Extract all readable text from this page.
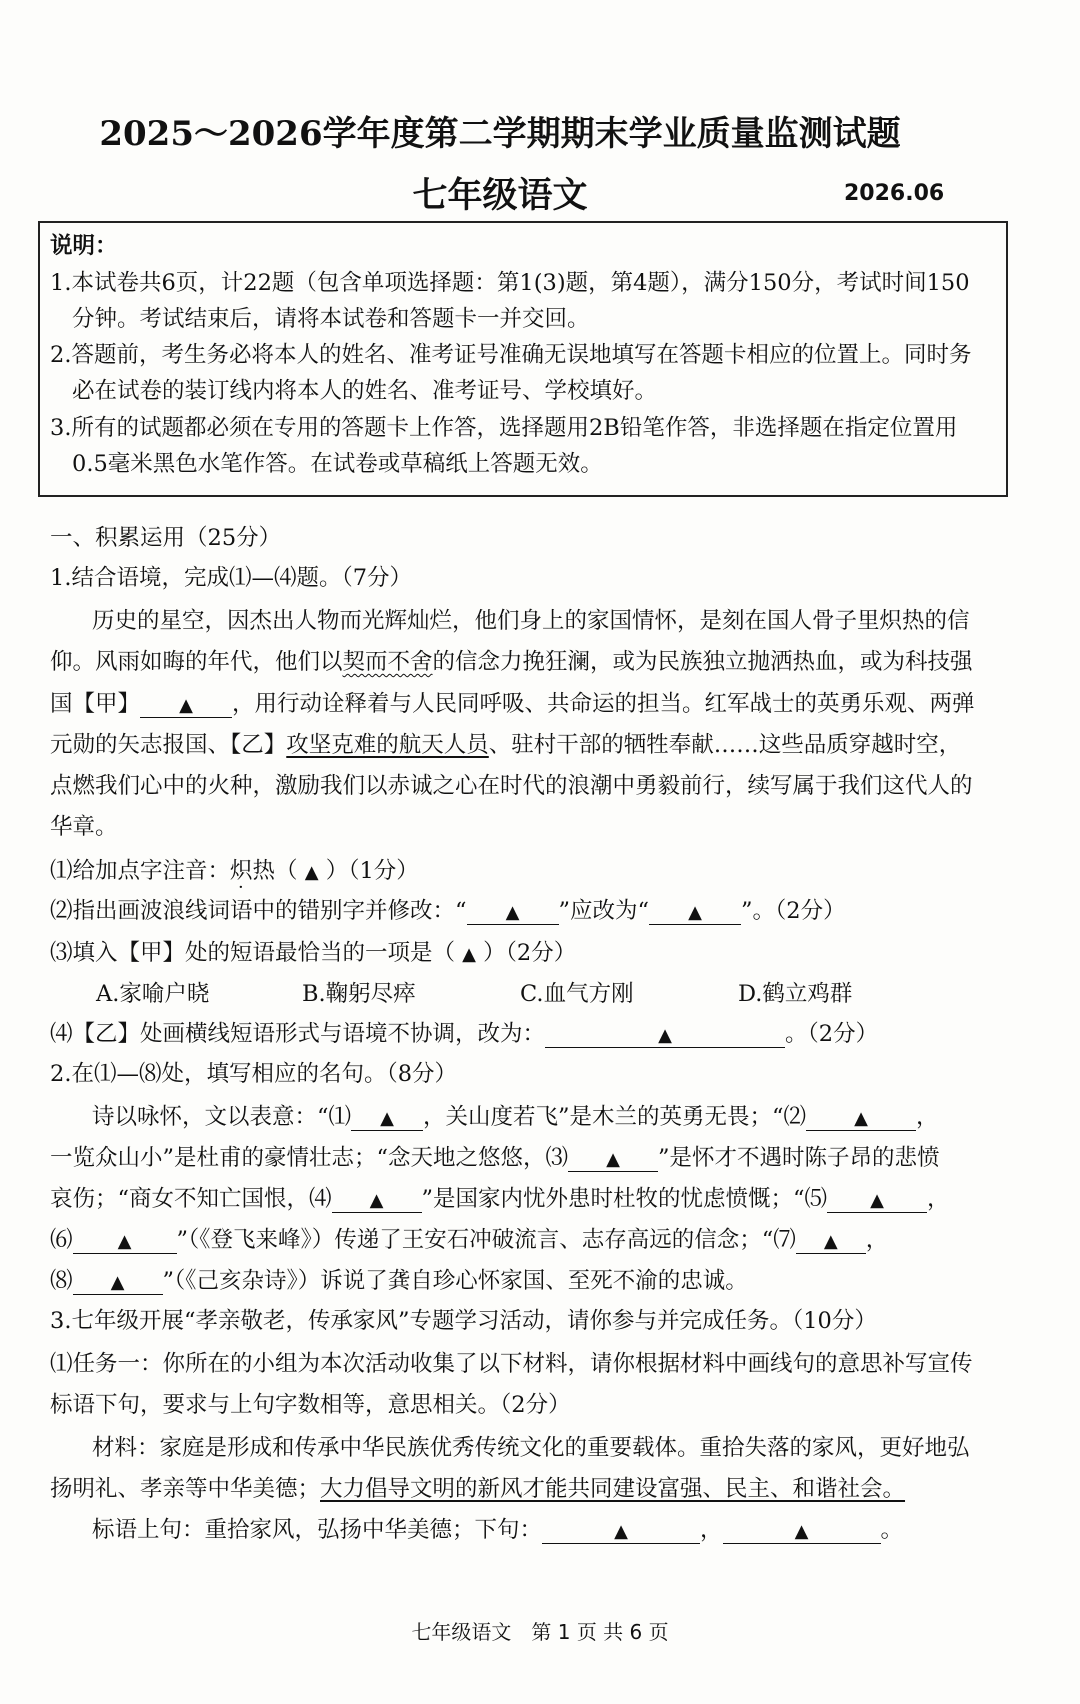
2025～2026学年度第二学期期末学业质量监测试题
七年级语文	2026.06
说明：
1.本试卷共6页，计22题（包含单项选择题：第1(3)题，第4题），满分150分，考试时间150
分钟。考试结束后，请将本试卷和答题卡一并交回。
2.答题前，考生务必将本人的姓名、准考证号准确无误地填写在答题卡相应的位置上。同时务
必在试卷的装订线内将本人的姓名、准考证号、学校填好。
3.所有的试题都必须在专用的答题卡上作答，选择题用2B铅笔作答，非选择题在指定位置用
0.5毫米黑色水笔作答。在试卷或草稿纸上答题无效。
一、积累运用（25分）
1.结合语境，完成⑴—⑷题。（7分）
历史的星空，因杰出人物而光辉灿烂，他们身上的家国情怀，是刻在国人骨子里炽热的信
仰。风雨如晦的年代，他们以契而不舍的信念力挽狂澜，或为民族独立抛洒热血，或为科技强
国【甲】 ▲ ，用行动诠释着与人民同呼吸、共命运的担当。红军战士的英勇乐观、两弹
元勋的矢志报国、【乙】攻坚克难的航天人员、驻村干部的牺牲奉献……这些品质穿越时空，
点燃我们心中的火种，激励我们以赤诚之心在时代的浪潮中勇毅前行，续写属于我们这代人的
华章。
⑴给加点字注音：炽热（ ▲ ）（1分）
⑵指出画波浪线词语中的错别字并修改：“ ▲ ”应改为“ ▲ ”。（2分）
⑶填入【甲】处的短语最恰当的一项是（ ▲ ）（2分）
A.家喻户晓	B.鞠躬尽瘁	C.血气方刚	D.鹤立鸡群
⑷【乙】处画横线短语形式与语境不协调，改为：	▲	。（2分）
2.在⑴—⑻处，填写相应的名句。（8分）
诗以咏怀，文以表意：“⑴ ▲ ，关山度若飞”是木兰的英勇无畏；“⑵	▲ ，
一览众山小”是杜甫的豪情壮志；“念天地之悠悠，⑶ ▲ ”是怀才不遇时陈子昂的悲愤
哀伤；“商女不知亡国恨，⑷ ▲ ”是国家内忧外患时杜牧的忧虑愤慨；“⑸ ▲ ，
⑹	▲ ”（《登飞来峰》）传递了王安石冲破流言、志存高远的信念；“⑺ ▲ ，
⑻ ▲ ”（《己亥杂诗》）诉说了龚自珍心怀家国、至死不渝的忠诚。
3.七年级开展“孝亲敬老，传承家风”专题学习活动，请你参与并完成任务。（10分）
⑴任务一：你所在的小组为本次活动收集了以下材料，请你根据材料中画线句的意思补写宣传
标语下句，要求与上句字数相等，意思相关。（2分）
材料：家庭是形成和传承中华民族优秀传统文化的重要载体。重拾失落的家风，更好地弘
扬明礼、孝亲等中华美德；大力倡导文明的新风才能共同建设富强、民主、和谐社会。
标语上句：重拾家风，弘扬中华美德；下句：	▲	，	▲	。
七年级语文　第 1 页 共 6 页
